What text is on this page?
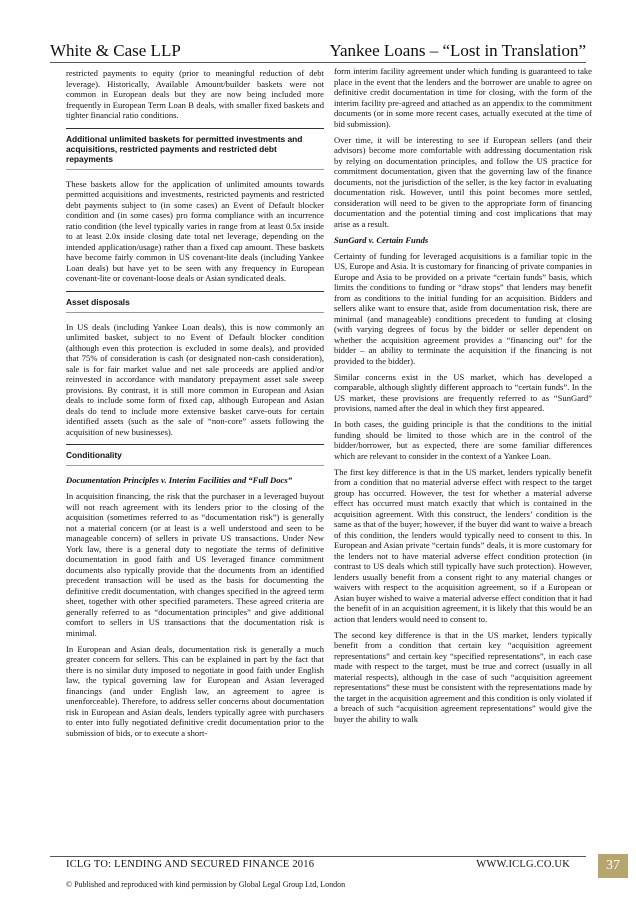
White & Case LLP	Yankee Loans – “Lost in Translation”

restricted payments to equity (prior to meaningful reduction of debt leverage). Historically, Available Amount/builder baskets were not common in European deals but they are now being included more frequently in European Term Loan B deals, with smaller fixed baskets and tighter financial ratio conditions.

Additional unlimited baskets for permitted investments and acquisitions, restricted payments and restricted debt repayments

These baskets allow for the application of unlimited amounts towards permitted acquisitions and investments, restricted payments and restricted debt payments subject to (in some cases) an Event of Default blocker condition and (in some cases) pro forma compliance with an incurrence ratio condition (the level typically varies in range from at least 0.5x inside to at least 2.0x inside closing date total net leverage, depending on the intended application/usage) rather than a fixed cap amount. These baskets have become fairly common in US covenant-lite deals (including Yankee Loan deals) but have yet to be seen with any frequency in European covenant-lite or covenant-loose deals or Asian syndicated deals.

Asset disposals

In US deals (including Yankee Loan deals), this is now commonly an unlimited basket, subject to no Event of Default blocker condition (although even this protection is excluded in some deals), and provided that 75% of consideration is cash (or designated non-cash consideration), sale is for fair market value and net sale proceeds are applied and/or reinvested in accordance with mandatory prepayment asset sale sweep provisions. By contrast, it is still more common in European and Asian deals to include some form of fixed cap, although European and Asian deals do tend to include more extensive basket carve-outs for certain identified assets (such as the sale of “non-core” assets following the acquisition of new businesses).

Conditionality

Documentation Principles v. Interim Facilities and “Full Docs”

In acquisition financing, the risk that the purchaser in a leveraged buyout will not reach agreement with its lenders prior to the closing of the acquisition (sometimes referred to as “documentation risk”) is generally not a material concern (or at least is a well understood and seen to be manageable concern) of sellers in private US transactions. Under New York law, there is a general duty to negotiate the terms of definitive documentation in good faith and US leveraged finance commitment documents also typically provide that the documents from an identified precedent transaction will be used as the basis for documenting the definitive credit documentation, with changes specified in the agreed term sheet, together with other specified parameters. These agreed criteria are generally referred to as “documentation principles” and give additional comfort to sellers in US transactions that the documentation risk is minimal.

In European and Asian deals, documentation risk is generally a much greater concern for sellers. This can be explained in part by the fact that there is no similar duty imposed to negotiate in good faith under English law, the typical governing law for European and Asian leveraged financings (and under English law, an agreement to agree is unenforceable). Therefore, to address seller concerns about documentation risk in European and Asian deals, lenders typically agree with purchasers to enter into fully negotiated definitive credit documentation prior to the submission of bids, or to execute a short-

form interim facility agreement under which funding is guaranteed to take place in the event that the lenders and the borrower are unable to agree on definitive credit documentation in time for closing, with the form of the interim facility pre-agreed and attached as an appendix to the commitment documents (or in some more recent cases, actually executed at the time of bid submission).

Over time, it will be interesting to see if European sellers (and their advisors) become more comfortable with addressing documentation risk by relying on documentation principles, and follow the US practice for commitment documentation, given that the governing law of the finance documents, not the jurisdiction of the seller, is the key factor in evaluating documentation risk. However, until this point becomes more settled, consideration will need to be given to the appropriate form of financing documentation and the potential timing and cost implications that may arise as a result.

SunGard v. Certain Funds

Certainty of funding for leveraged acquisitions is a familiar topic in the US, Europe and Asia. It is customary for financing of private companies in Europe and Asia to be provided on a private “certain funds” basis, which limits the conditions to funding or “draw stops” that lenders may benefit from as conditions to the initial funding for an acquisition. Bidders and sellers alike want to ensure that, aside from documentation risk, there are minimal (and manageable) conditions precedent to funding at closing (with varying degrees of focus by the bidder or seller dependent on whether the acquisition agreement provides a “financing out” for the bidder – an ability to terminate the acquisition if the financing is not provided to the bidder).

Similar concerns exist in the US market, which has developed a comparable, although slightly different approach to “certain funds”. In the US market, these provisions are frequently referred to as “SunGard” provisions, named after the deal in which they first appeared.

In both cases, the guiding principle is that the conditions to the initial funding should be limited to those which are in the control of the bidder/borrower, but as expected, there are some familiar differences which are relevant to consider in the context of a Yankee Loan.

The first key difference is that in the US market, lenders typically benefit from a condition that no material adverse effect with respect to the target group has occurred. However, the test for whether a material adverse effect has occurred must match exactly that which is contained in the acquisition agreement. With this construct, the lenders’ condition is the same as that of the buyer; however, if the buyer did want to waive a breach of this condition, the lenders would typically need to consent to this. In European and Asian private “certain funds” deals, it is more customary for the lenders not to have material adverse effect condition protection (in contrast to US deals which still typically have such protection). However, lenders usually benefit from a consent right to any material changes or waivers with respect to the acquisition agreement, so if a European or Asian buyer wished to waive a material adverse effect condition that it had the benefit of in an acquisition agreement, it is likely that this would be an action that lenders would need to consent to.

The second key difference is that in the US market, lenders typically benefit from a condition that certain key “acquisition agreement representations” and certain key “specified representations”, in each case made with respect to the target, must be true and correct (usually in all material respects), although in the case of such “acquisition agreement representations” these must be consistent with the representations made by the target in the acquisition agreement and this condition is only violated if a breach of such “acquisition agreement representations” would give the buyer the ability to walk

ICLG TO: LENDING AND SECURED FINANCE 2016	WWW.ICLG.CO.UK	37
© Published and reproduced with kind permission by Global Legal Group Ltd, London
